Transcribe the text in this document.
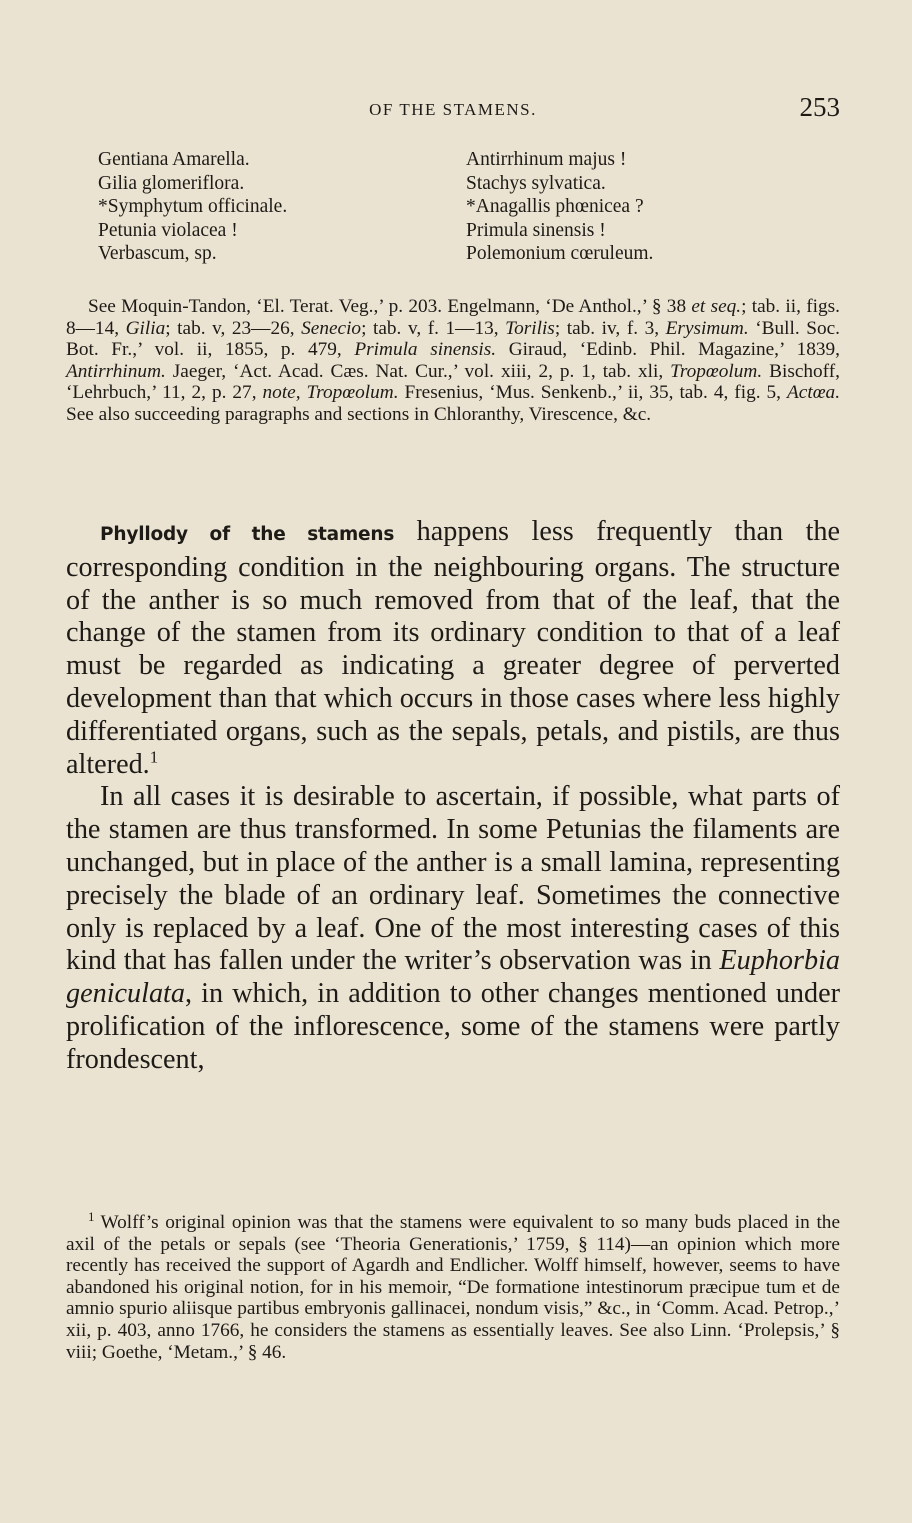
OF THE STAMENS.	253
Gentiana Amarella.
Gilia glomeriflora.
*Symphytum officinale.
Petunia violacea !
Verbascum, sp.
Antirrhinum majus !
Stachys sylvatica.
*Anagallis phœnicea ?
Primula sinensis !
Polemonium cœruleum.
See Moquin-Tandon, ‘El. Terat. Veg.,’ p. 203. Engelmann, ‘De Anthol.,’ § 38 et seq.; tab. ii, figs. 8—14, Gilia; tab. v, 23—26, Senecio; tab. v, f. 1—13, Torilis; tab. iv, f. 3, Erysimum. ‘Bull. Soc. Bot. Fr.,’ vol. ii, 1855, p. 479, Primula sinensis. Giraud, ‘Edinb. Phil. Magazine,’ 1839, Antirrhinum. Jaeger, ‘Act. Acad. Cæs. Nat. Cur.,’ vol. xiii, 2, p. 1, tab. xli, Tropœolum. Bischoff, ‘Lehrbuch,’ 11, 2, p. 27, note, Tropœolum. Fresenius, ‘Mus. Senkenb.,’ ii, 35, tab. 4, fig. 5, Actœa. See also succeeding paragraphs and sections in Chloranthy, Virescence, &c.

Phyllody of the stamens happens less frequently than the corresponding condition in the neighbouring organs. The structure of the anther is so much removed from that of the leaf, that the change of the stamen from its ordinary condition to that of a leaf must be regarded as indicating a greater degree of perverted development than that which occurs in those cases where less highly differentiated organs, such as the sepals, petals, and pistils, are thus altered.$^1$

In all cases it is desirable to ascertain, if possible, what parts of the stamen are thus transformed. In some Petunias the filaments are unchanged, but in place of the anther is a small lamina, representing precisely the blade of an ordinary leaf. Sometimes the connective only is replaced by a leaf. One of the most interesting cases of this kind that has fallen under the writer’s observation was in Euphorbia geniculata, in which, in addition to other changes mentioned under prolification of the inflorescence, some of the stamens were partly frondescent,

$^1$ Wolff’s original opinion was that the stamens were equivalent to so many buds placed in the axil of the petals or sepals (see ‘Theoria Generationis,’ 1759, § 114)—an opinion which more recently has received the support of Agardh and Endlicher. Wolff himself, however, seems to have abandoned his original notion, for in his memoir, “De formatione intestinorum præcipue tum et de amnio spurio aliisque partibus embryonis gallinacei, nondum visis,” &c., in ‘Comm. Acad. Petrop.,’ xii, p. 403, anno 1766, he considers the stamens as essentially leaves. See also Linn. ‘Prolepsis,’ § viii; Goethe, ‘Metam.,’ § 46.
